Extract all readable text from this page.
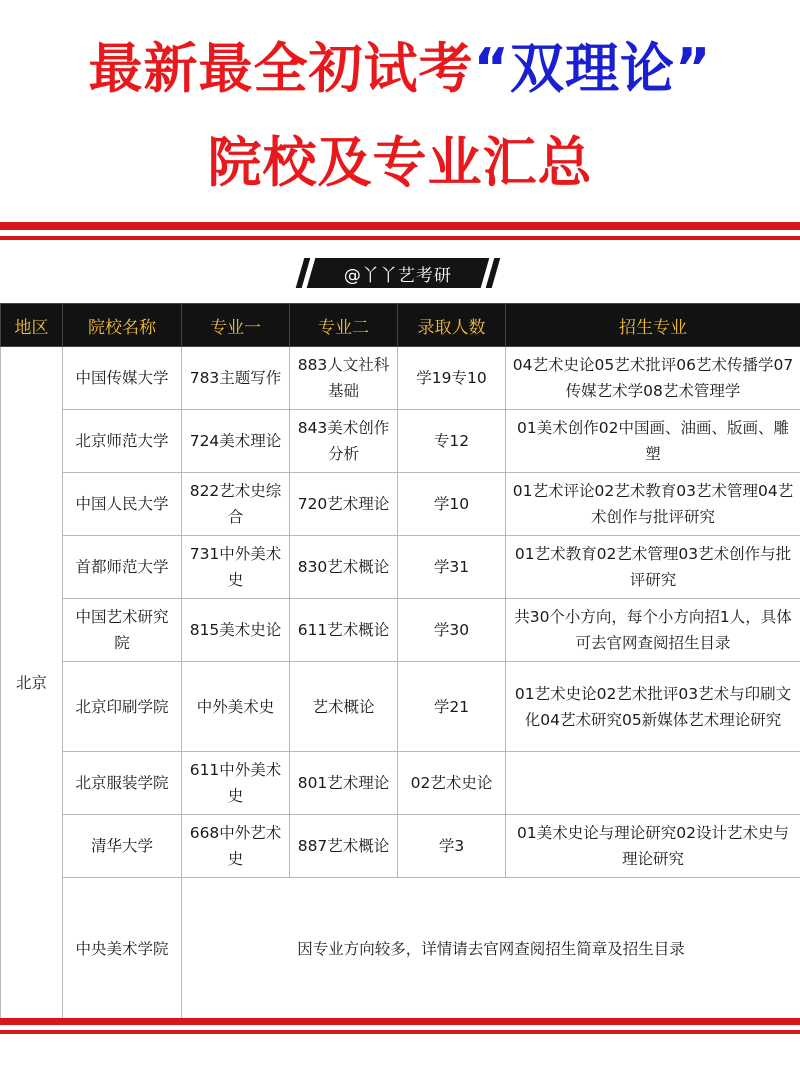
最新最全初试考“双理论”
院校及专业汇总
@丫丫艺考研
地区	院校名称	专业一	专业二	录取人数	招生专业
北京	中国传媒大学	783主题写作	883人文社科基础	学19专10	04艺术史论05艺术批评06艺术传播学07传媒艺术学08艺术管理学
	北京师范大学	724美术理论	843美术创作分析	专12	01美术创作02中国画、油画、版画、雕塑
	中国人民大学	822艺术史综合	720艺术理论	学10	01艺术评论02艺术教育03艺术管理04艺术创作与批评研究
	首都师范大学	731中外美术史	830艺术概论	学31	01艺术教育02艺术管理03艺术创作与批评研究
	中国艺术研究院	815美术史论	611艺术概论	学30	共30个小方向，每个小方向招1人，具体可去官网查阅招生目录
	北京印刷学院	中外美术史	艺术概论	学21	01艺术史论02艺术批评03艺术与印刷文化04艺术研究05新媒体艺术理论研究
	北京服装学院	611中外美术史	801艺术理论	02艺术史论	
	清华大学	668中外艺术史	887艺术概论	学3	01美术史论与理论研究02设计艺术史与理论研究
	中央美术学院	因专业方向较多，详情请去官网查阅招生简章及招生目录			
